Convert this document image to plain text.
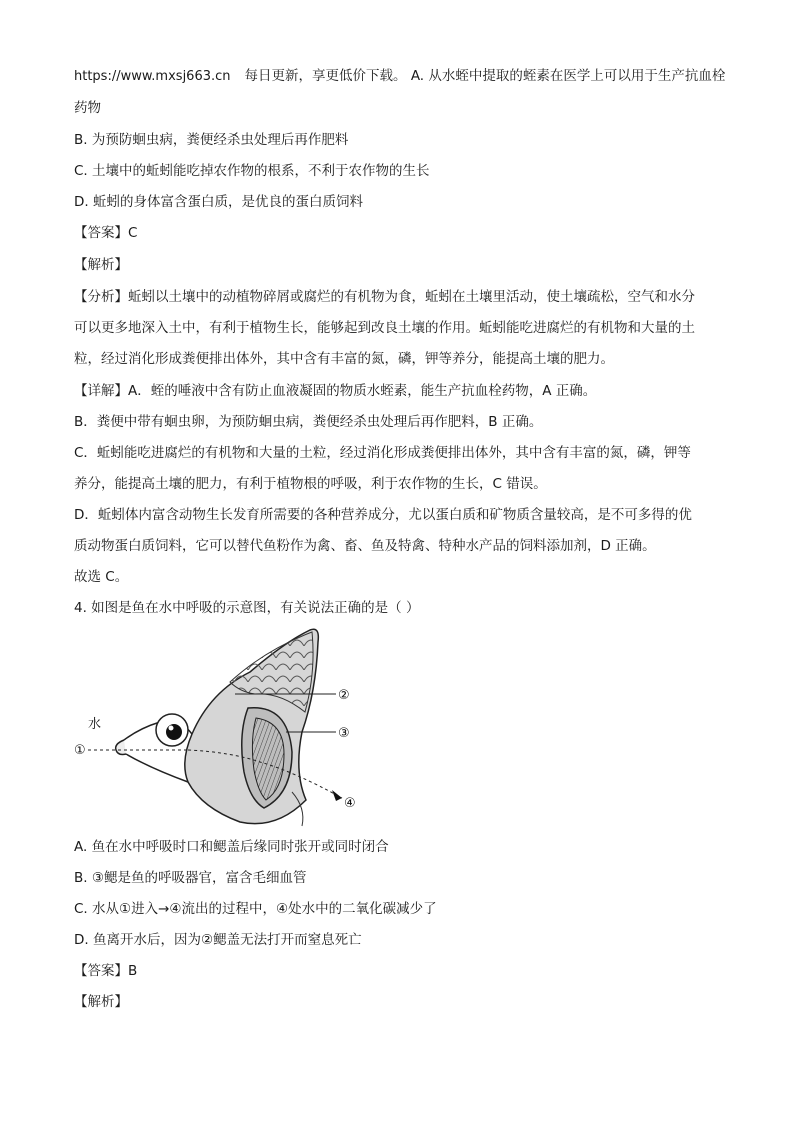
https://www.mxsj663.cn 每日更新，享更低价下载。 A. 从水蛭中提取的蛭素在医学上可以用于生产抗血栓
药物
B. 为预防蛔虫病，粪便经杀虫处理后再作肥料
C. 土壤中的蚯蚓能吃掉农作物的根系，不利于农作物的生长
D. 蚯蚓的身体富含蛋白质，是优良的蛋白质饲料
【答案】C
【解析】
【分析】蚯蚓以土壤中的动植物碎屑或腐烂的有机物为食，蚯蚓在土壤里活动，使土壤疏松，空气和水分
可以更多地深入土中，有利于植物生长，能够起到改良土壤的作用。蚯蚓能吃进腐烂的有机物和大量的土
粒，经过消化形成粪便排出体外，其中含有丰富的氮，磷，钾等养分，能提高土壤的肥力。
【详解】A．蛭的唾液中含有防止血液凝固的物质水蛭素，能生产抗血栓药物，A 正确。
B．粪便中带有蛔虫卵，为预防蛔虫病，粪便经杀虫处理后再作肥料，B 正确。
C．蚯蚓能吃进腐烂的有机物和大量的土粒，经过消化形成粪便排出体外，其中含有丰富的氮，磷，钾等
养分，能提高土壤的肥力，有利于植物根的呼吸，利于农作物的生长，C 错误。
D．蚯蚓体内富含动物生长发育所需要的各种营养成分，尤以蛋白质和矿物质含量较高，是不可多得的优
质动物蛋白质饲料，它可以替代鱼粉作为禽、畜、鱼及特禽、特种水产品的饲料添加剂，D 正确。
故选 C。
4. 如图是鱼在水中呼吸的示意图，有关说法正确的是（ ）
水
①
②
③
④
A. 鱼在水中呼吸时口和鳃盖后缘同时张开或同时闭合
B. ③鳃是鱼的呼吸器官，富含毛细血管
C. 水从①进入→④流出的过程中，④处水中的二氧化碳减少了
D. 鱼离开水后，因为②鳃盖无法打开而窒息死亡
【答案】B
【解析】
